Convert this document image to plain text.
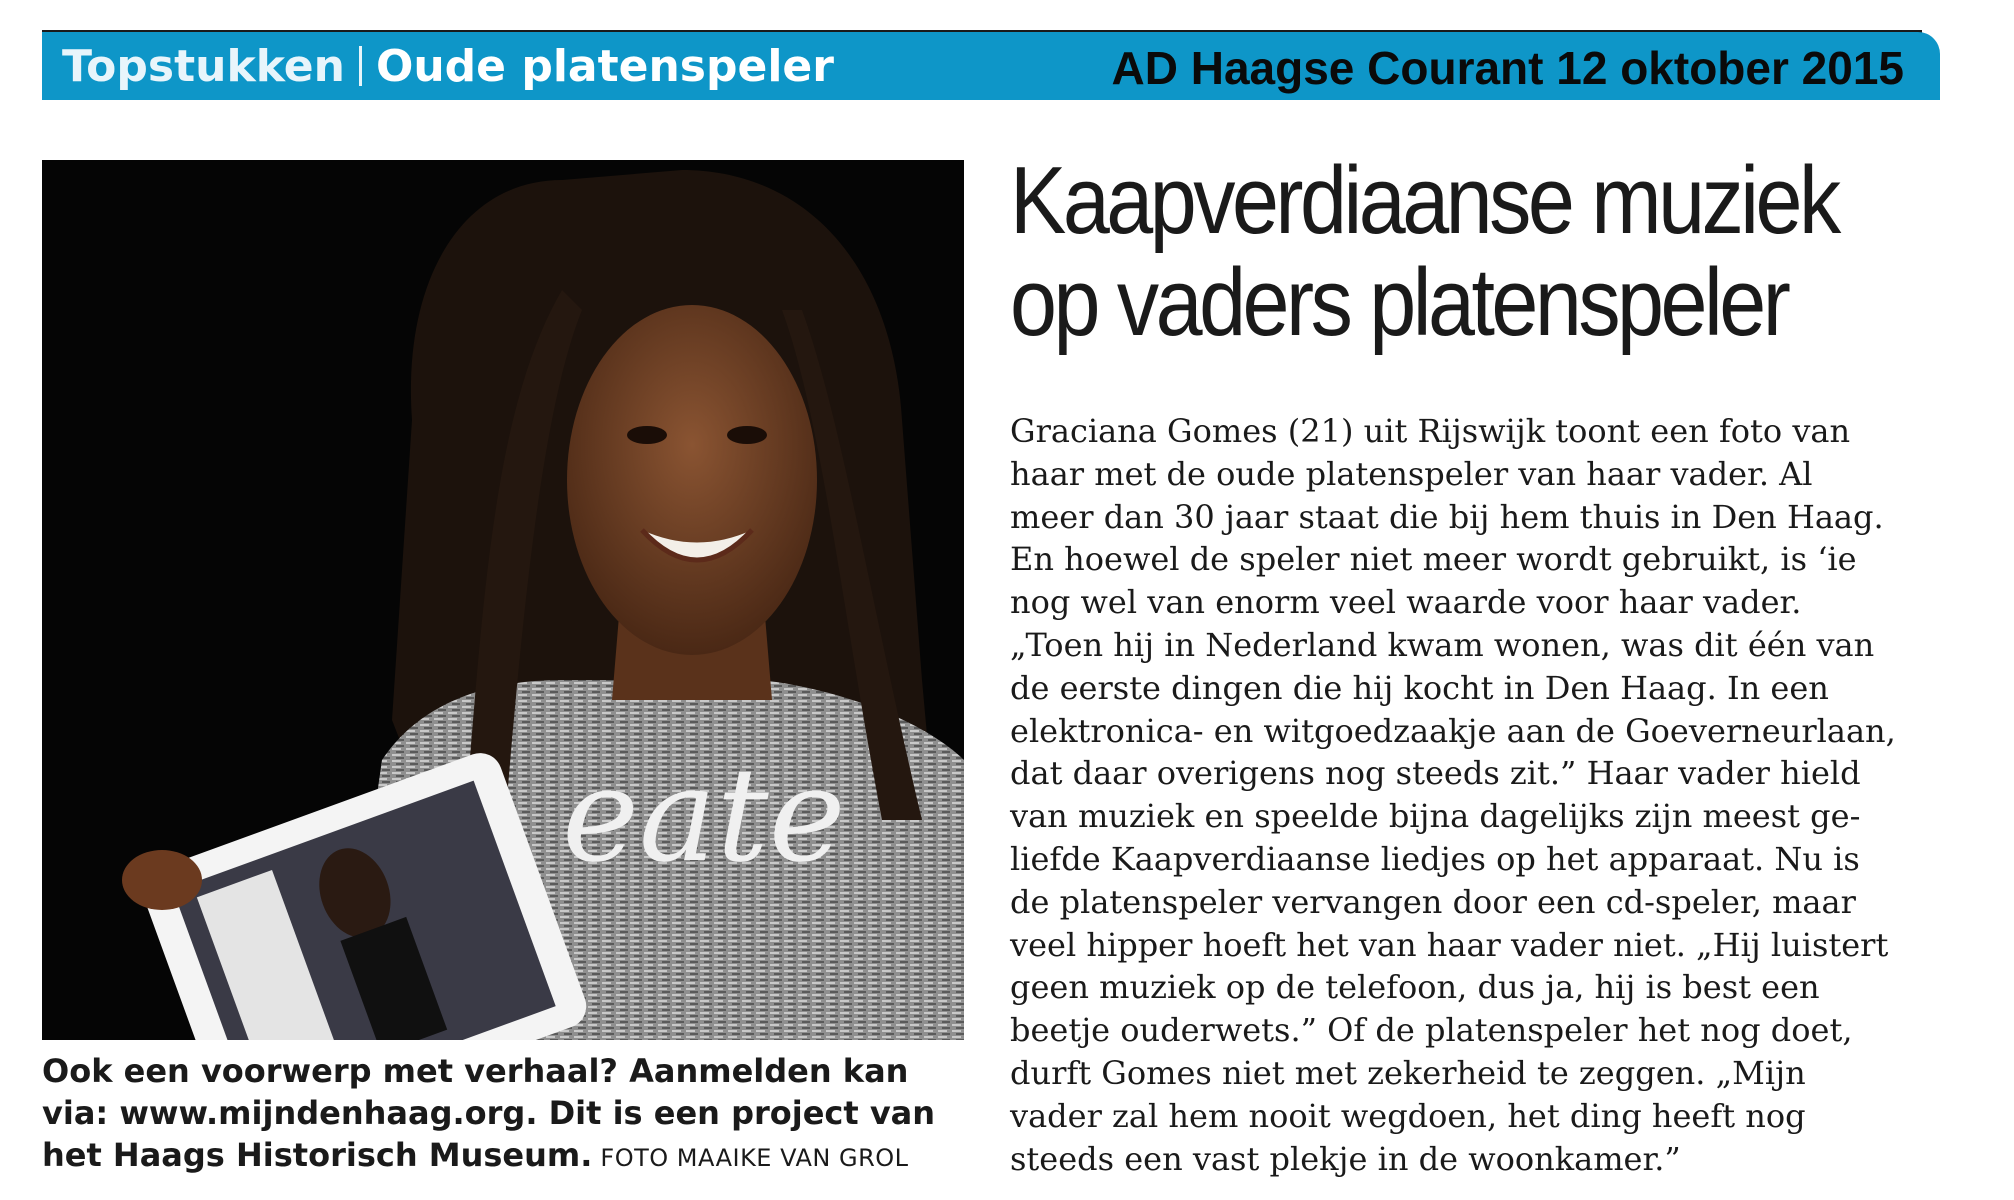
Topstukken Oude platenspeler	AD Haagse Courant 12 oktober 2015
eate
Ook een voorwerp met verhaal? Aanmelden kan
via: www.mijndenhaag.org. Dit is een project van
het Haags Historisch Museum. FOTO MAAIKE VAN GROL
Kaapverdiaanse muziek
op vaders platenspeler
Graciana Gomes (21) uit Rijswijk toont een foto van
haar met de oude platenspeler van haar vader. Al
meer dan 30 jaar staat die bij hem thuis in Den Haag.
En hoewel de speler niet meer wordt gebruikt, is ‘ie
nog wel van enorm veel waarde voor haar vader.
„Toen hij in Nederland kwam wonen, was dit één van
de eerste dingen die hij kocht in Den Haag. In een
elektronica- en witgoedzaakje aan de Goeverneurlaan,
dat daar overigens nog steeds zit.” Haar vader hield
van muziek en speelde bijna dagelijks zijn meest ge-
liefde Kaapverdiaanse liedjes op het apparaat. Nu is
de platenspeler vervangen door een cd-speler, maar
veel hipper hoeft het van haar vader niet. „Hij luistert
geen muziek op de telefoon, dus ja, hij is best een
beetje ouderwets.” Of de platenspeler het nog doet,
durft Gomes niet met zekerheid te zeggen. „Mijn
vader zal hem nooit wegdoen, het ding heeft nog
steeds een vast plekje in de woonkamer.”
